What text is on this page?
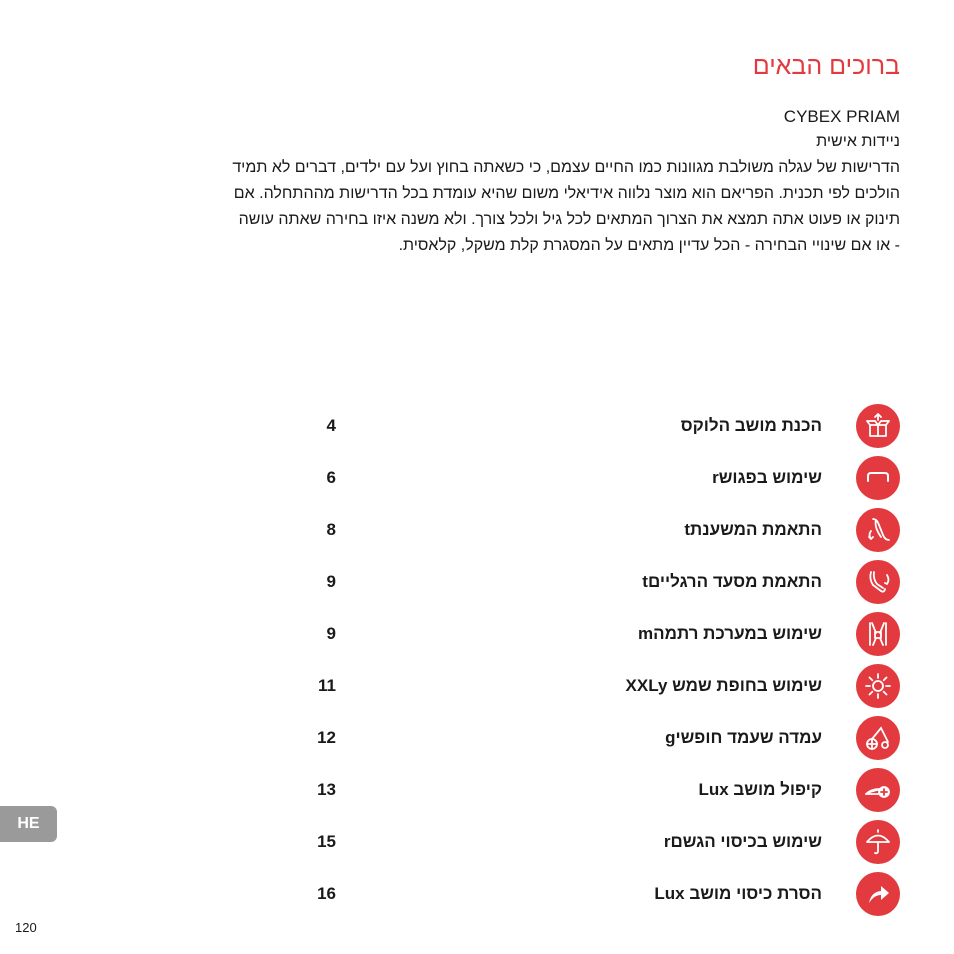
ברוכים הבאים
CYBEX PRIAM
ניידות אישית
הדרישות של עגלה משולבת מגוונות כמו החיים עצמם, כי כשאתה בחוץ ועל עם ילדים, דברים לא תמיד
הולכים לפי תכנית. הפריאם הוא מוצר נלווה אידיאלי משום שהיא עומדת בכל הדרישות מההתחלה. אם
תינוק או פעוט אתה תמצא את הצרוך המתאים לכל גיל ולכל צורך. ולא משנה איזו בחירה שאתה עושה
- או אם שינויי הבחירה - הכל עדיין מתאים על המסגרת קלת משקל, קלאסית.
הכנת מושב הלוקס
4
שימוש בפגושr
6
התאמת המשענתt
8
התאמת מסעד הרגלייםt
9
שימוש במערכת רתמהm
9
שימוש בחופת שמש XXLy
11
עמדה שעמד חופשיg
12
קיפול מושב Lux
13
שימוש בכיסוי הגשםr
15
הסרת כיסוי מושב Lux
16
HE
120
